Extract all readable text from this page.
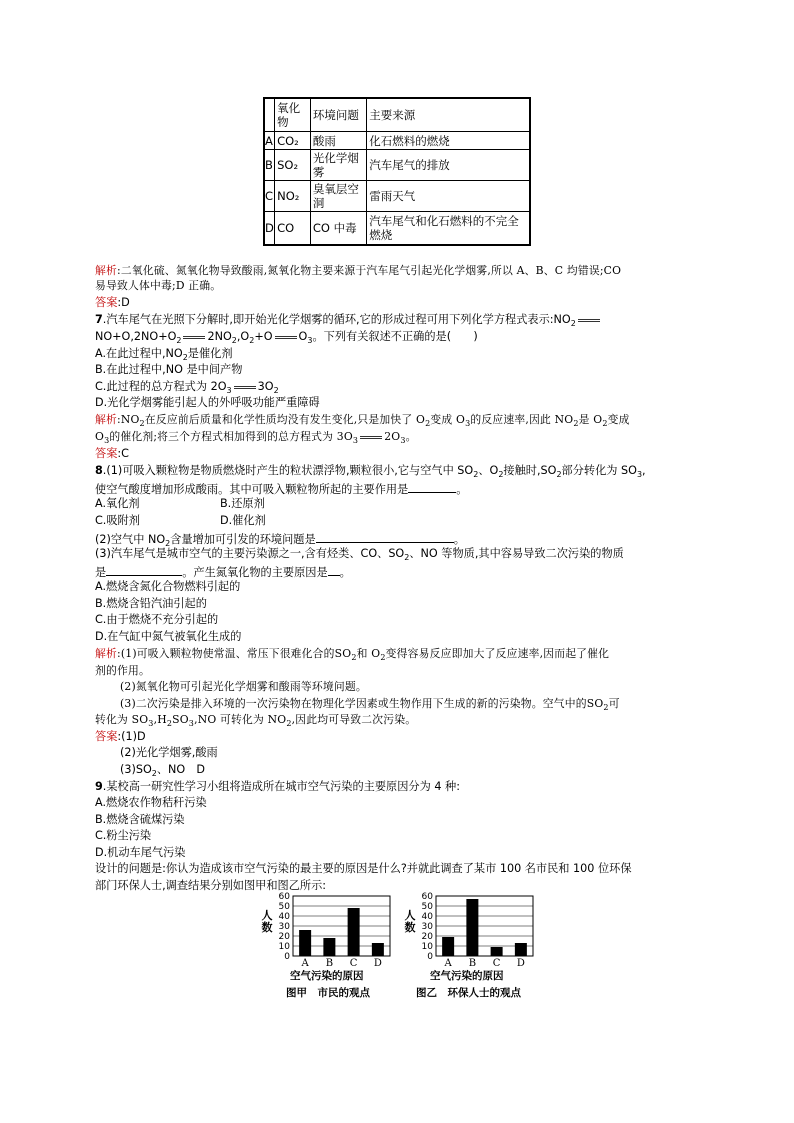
	氧化物	环境问题	主要来源
A	CO₂	酸雨	化石燃料的燃烧
B	SO₂	光化学烟雾	汽车尾气的排放
C	NO₂	臭氧层空洞	雷雨天气
D	CO	CO 中毒	汽车尾气和化石燃料的不完全燃烧
解析:二氧化硫、氮氧化物导致酸雨,氮氧化物主要来源于汽车尾气引起光化学烟雾,所以 A、B、C 均错误;CO
易导致人体中毒;D 正确。
答案:D
7.汽车尾气在光照下分解时,即开始光化学烟雾的循环,它的形成过程可用下列化学方程式表示$:NO_2$
$NO+O,2NO+O_2$ $2NO_2,O_2+O$ $O_3$。下列有关叙述不正确的是(　　)
A.在此过程中$,NO_2$是催化剂
B.在此过程中,NO 是中间产物
C.此过程的总方程式为 $2O_3$ $3O_2$
D.光化学烟雾能引起人的外呼吸功能严重障碍
解析$:NO_2$在反应前后质量和化学性质均没有发生变化,只是加快了 $O_2$变成 $O_3$的反应速率,因此 $NO_2$是 $O_2$变成
$O_3$的催化剂;将三个方程式相加得到的总方程式为 $3O_3$ $2O_3$。
答案:C
8.(1)可吸入颗粒物是物质燃烧时产生的粒状漂浮物,颗粒很小,它与空气中 $SO_2$、$O_2$接触时$,SO_2$部分转化为 $SO_3$,
使空气酸度增加形成酸雨。其中可吸入颗粒物所起的主要作用是	。
A.氧化剂	B.还原剂
C.吸附剂	D.催化剂
(2)空气中 $NO_2$含量增加可引发的环境问题是	。
(3)汽车尾气是城市空气的主要污染源之一,含有烃类、CO、$SO_2$、NO 等物质,其中容易导致二次污染的物质
是	。产生氮氧化物的主要原因是 。
A.燃烧含氮化合物燃料引起的
B.燃烧含铅汽油引起的
C.由于燃烧不充分引起的
D.在气缸中氮气被氧化生成的
解析:(1)可吸入颗粒物使常温、常压下很难化合的$SO_2$和 $O_2$变得容易反应即加大了反应速率,因而起了催化
剂的作用。
(2)氮氧化物可引起光化学烟雾和酸雨等环境问题。
(3)二次污染是排入环境的一次污染物在物理化学因素或生物作用下生成的新的污染物。空气中的$SO_2$可
转化为 $SO_3,H_2SO_3,NO$ 可转化为 $NO_2$,因此均可导致二次污染。
答案:(1)D
(2)光化学烟雾,酸雨
$(3)SO_2$、NO　D
9.某校高一研究性学习小组将造成所在城市空气污染的主要原因分为 4 种:
A.燃烧农作物秸秆污染
B.燃烧含硫煤污染
C.粉尘污染
D.机动车尾气污染
设计的问题是:你认为造成该市空气污染的最主要的原因是什么?并就此调查了某市 100 名市民和 100 位环保
部门环保人士,调查结果分别如图甲和图乙所示:
0
10
20
30
40
50
60
人
数
A B C D
0
10
20
30
40
50
60
人
数
A B C D
空气污染的原因
图甲　市民的观点
空气污染的原因
图乙　环保人士的观点
